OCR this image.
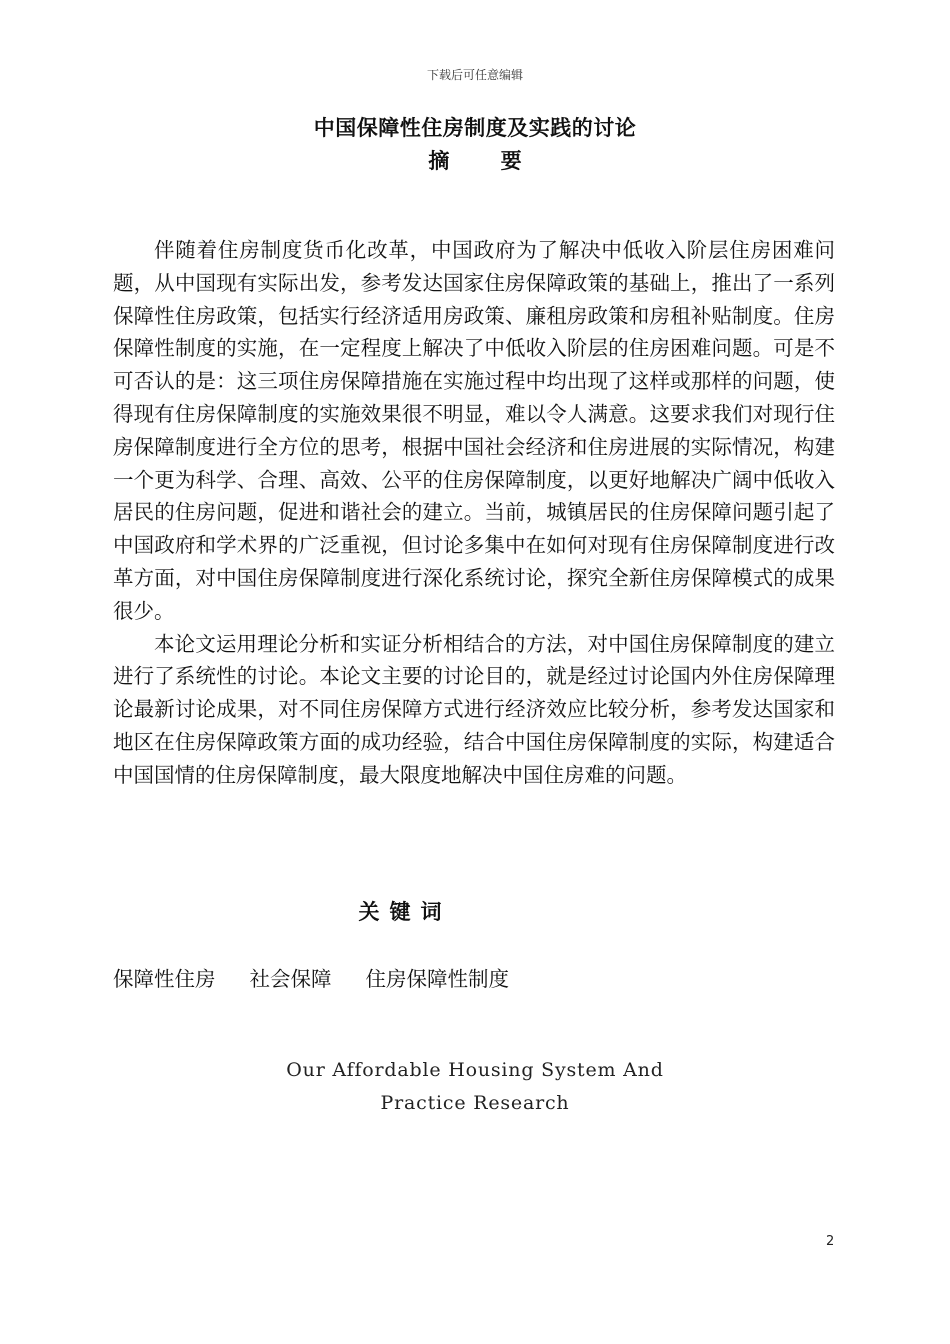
下载后可任意编辑
中国保障性住房制度及实践的讨论
摘 要

伴随着住房制度货币化改革，中国政府为了解决中低收入阶层住房困难问题，从中国现有实际出发，参考发达国家住房保障政策的基础上，推出了一系列保障性住房政策，包括实行经济适用房政策、廉租房政策和房租补贴制度。住房保障性制度的实施，在一定程度上解决了中低收入阶层的住房困难问题。可是不可否认的是：这三项住房保障措施在实施过程中均出现了这样或那样的问题，使得现有住房保障制度的实施效果很不明显，难以令人满意。这要求我们对现行住房保障制度进行全方位的思考，根据中国社会经济和住房进展的实际情况，构建一个更为科学、合理、高效、公平的住房保障制度，以更好地解决广阔中低收入居民的住房问题，促进和谐社会的建立。当前，城镇居民的住房保障问题引起了中国政府和学术界的广泛重视，但讨论多集中在如何对现有住房保障制度进行改革方面，对中国住房保障制度进行深化系统讨论，探究全新住房保障模式的成果很少。

本论文运用理论分析和实证分析相结合的方法，对中国住房保障制度的建立进行了系统性的讨论。本论文主要的讨论目的，就是经过讨论国内外住房保障理论最新讨论成果，对不同住房保障方式进行经济效应比较分析，参考发达国家和地区在住房保障政策方面的成功经验，结合中国住房保障制度的实际，构建适合中国国情的住房保障制度，最大限度地解决中国住房难的问题。

关键词
保障性住房 社会保障 住房保障性制度
Our Affordable Housing System And
Practice Research
2
